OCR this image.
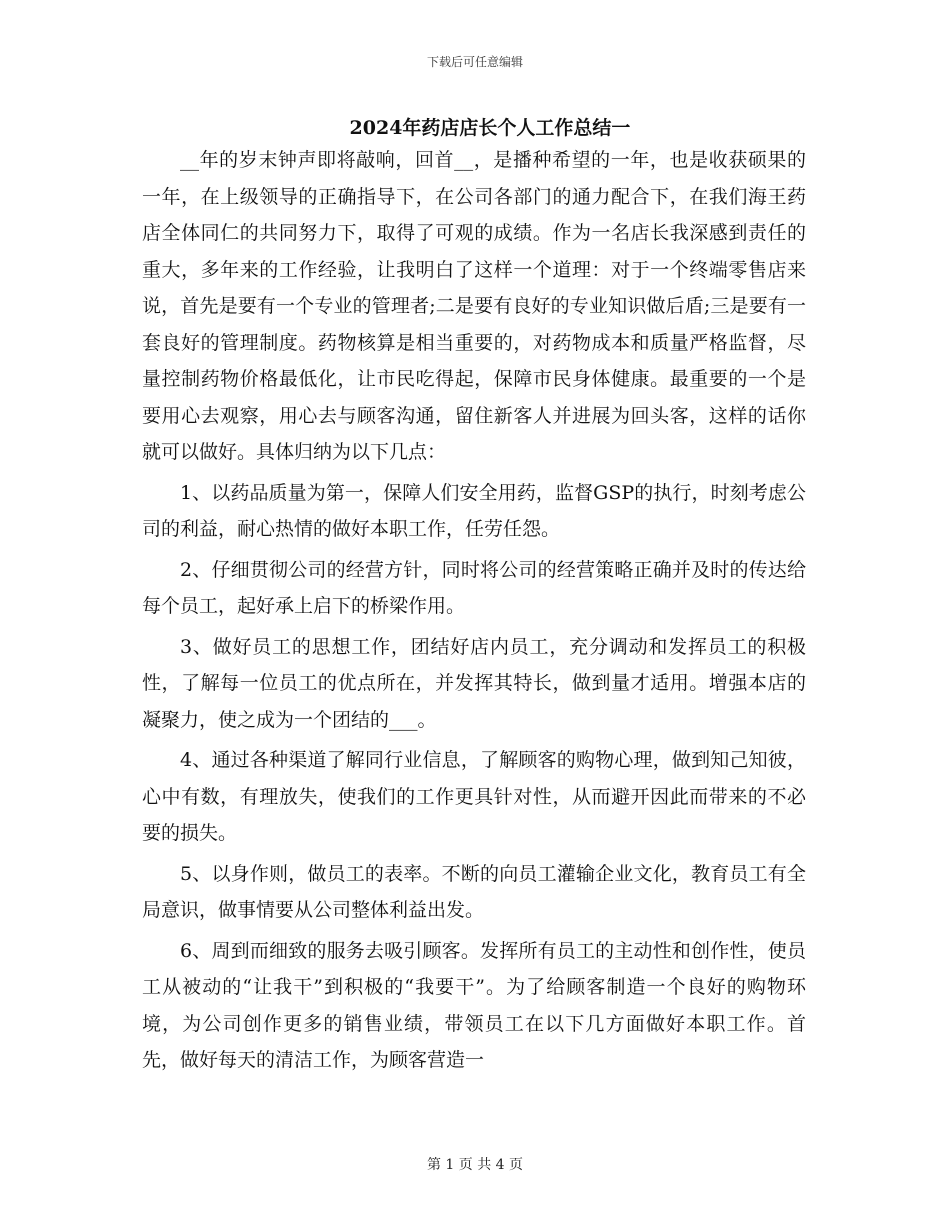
下载后可任意编辑
2024年药店店长个人工作总结一

__年的岁末钟声即将敲响，回首__，是播种希望的一年，也是收获硕果的一年，在上级领导的正确指导下，在公司各部门的通力配合下，在我们海王药店全体同仁的共同努力下，取得了可观的成绩。作为一名店长我深感到责任的重大，多年来的工作经验，让我明白了这样一个道理：对于一个终端零售店来说，首先是要有一个专业的管理者;二是要有良好的专业知识做后盾;三是要有一套良好的管理制度。药物核算是相当重要的，对药物成本和质量严格监督，尽量控制药物价格最低化，让市民吃得起，保障市民身体健康。最重要的一个是要用心去观察，用心去与顾客沟通，留住新客人并进展为回头客，这样的话你就可以做好。具体归纳为以下几点：

1、以药品质量为第一，保障人们安全用药，监督GSP的执行，时刻考虑公司的利益，耐心热情的做好本职工作，任劳任怨。

2、仔细贯彻公司的经营方针，同时将公司的经营策略正确并及时的传达给每个员工，起好承上启下的桥梁作用。

3、做好员工的思想工作，团结好店内员工，充分调动和发挥员工的积极性，了解每一位员工的优点所在，并发挥其特长，做到量才适用。增强本店的凝聚力，使之成为一个团结的___。

4、通过各种渠道了解同行业信息，了解顾客的购物心理，做到知己知彼，心中有数，有理放失，使我们的工作更具针对性，从而避开因此而带来的不必要的损失。

5、以身作则，做员工的表率。不断的向员工灌输企业文化，教育员工有全局意识，做事情要从公司整体利益出发。

6、周到而细致的服务去吸引顾客。发挥所有员工的主动性和创作性，使员工从被动的“让我干”到积极的“我要干”。为了给顾客制造一个良好的购物环境，为公司创作更多的销售业绩，带领员工在以下几方面做好本职工作。首先，做好每天的清洁工作，为顾客营造一

第 1 页 共 4 页
